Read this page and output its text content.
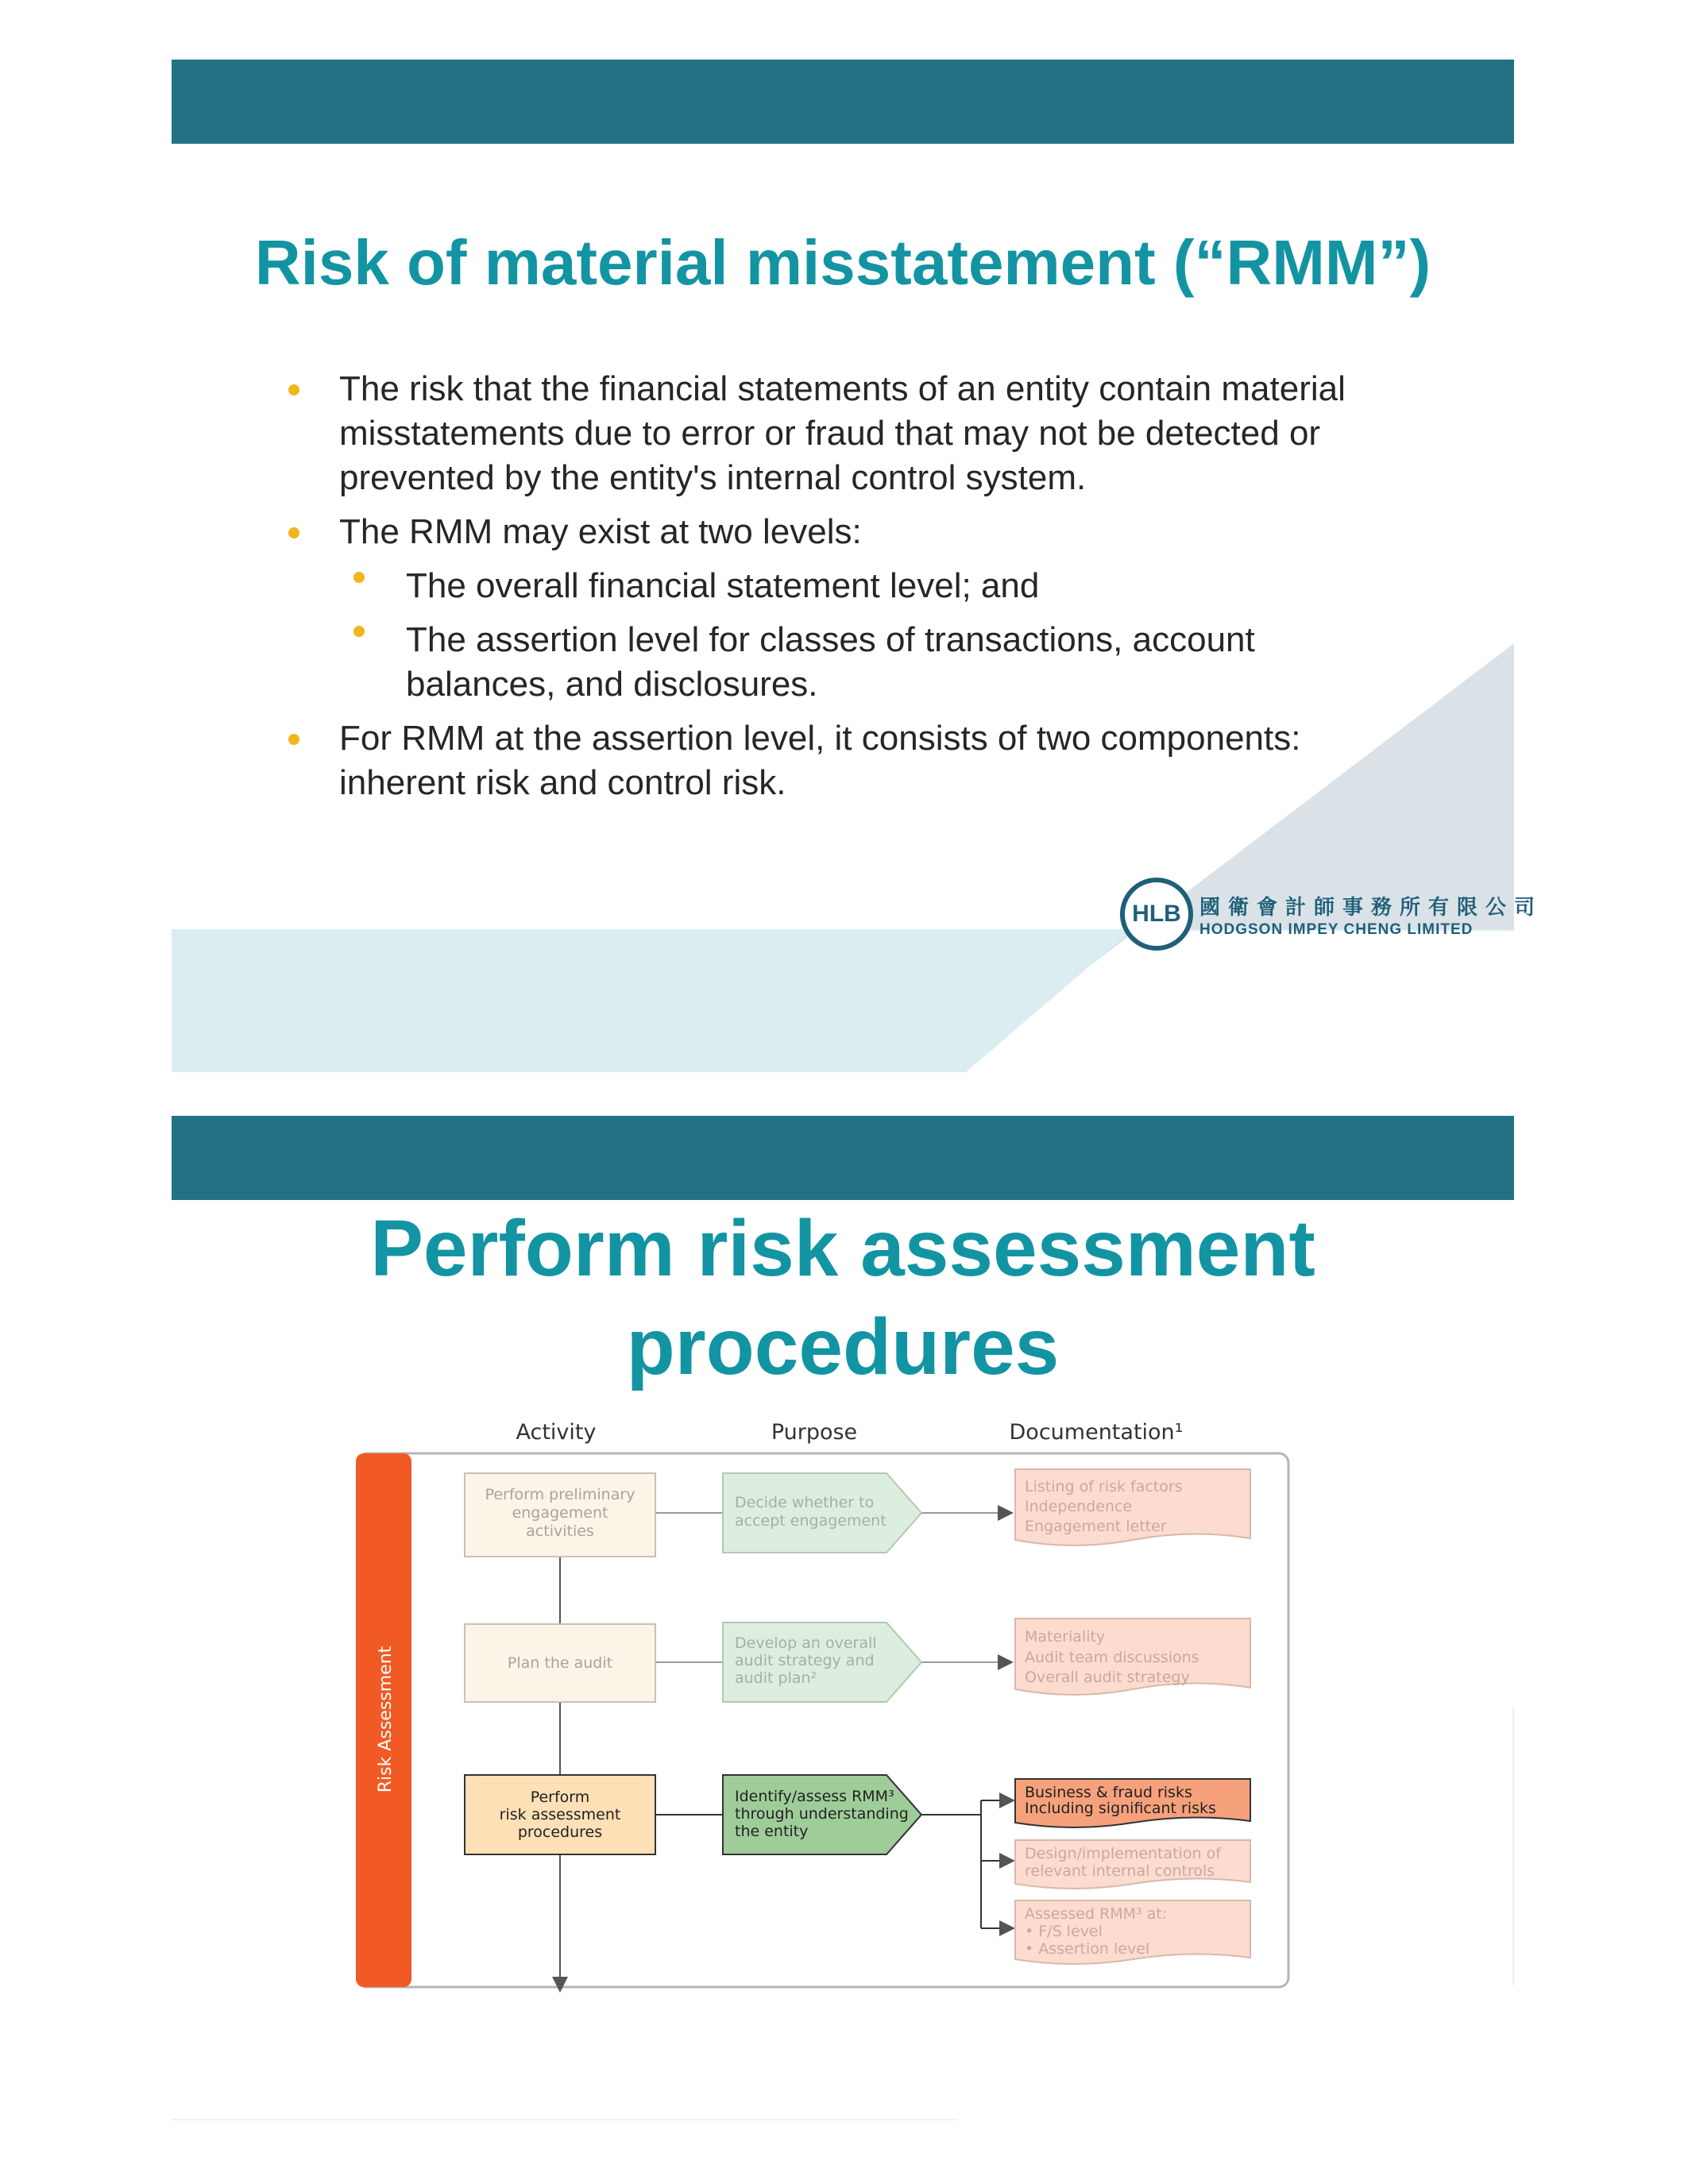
Risk of material misstatement (“RMM”)
The risk that the financial statements of an entity contain material
misstatements due to error or fraud that may not be detected or
prevented by the entity's internal control system.
The RMM may exist at two levels:
The overall financial statement level; and
The assertion level for classes of transactions, account
balances, and disclosures.
For RMM at the assertion level, it consists of two components:
inherent risk and control risk.
HLB 國衛會計師事務所有限公司
HODGSON IMPEY CHENG LIMITED
Perform risk assessment
procedures
Activity	Purpose	Documentation¹
Risk Assessment
Perform preliminary
engagement
activities
Decide whether to
accept engagement
Listing of risk factors
Independence
Engagement letter
Plan the audit
Develop an overall
audit strategy and
audit plan²
Materiality
Audit team discussions
Overall audit strategy
Perform
risk assessment
procedures
Identify/assess RMM³
through understanding
the entity
Business & fraud risks
Including significant risks
Design/implementation of
relevant internal controls
Assessed RMM³ at:
• F/S level
• Assertion level
